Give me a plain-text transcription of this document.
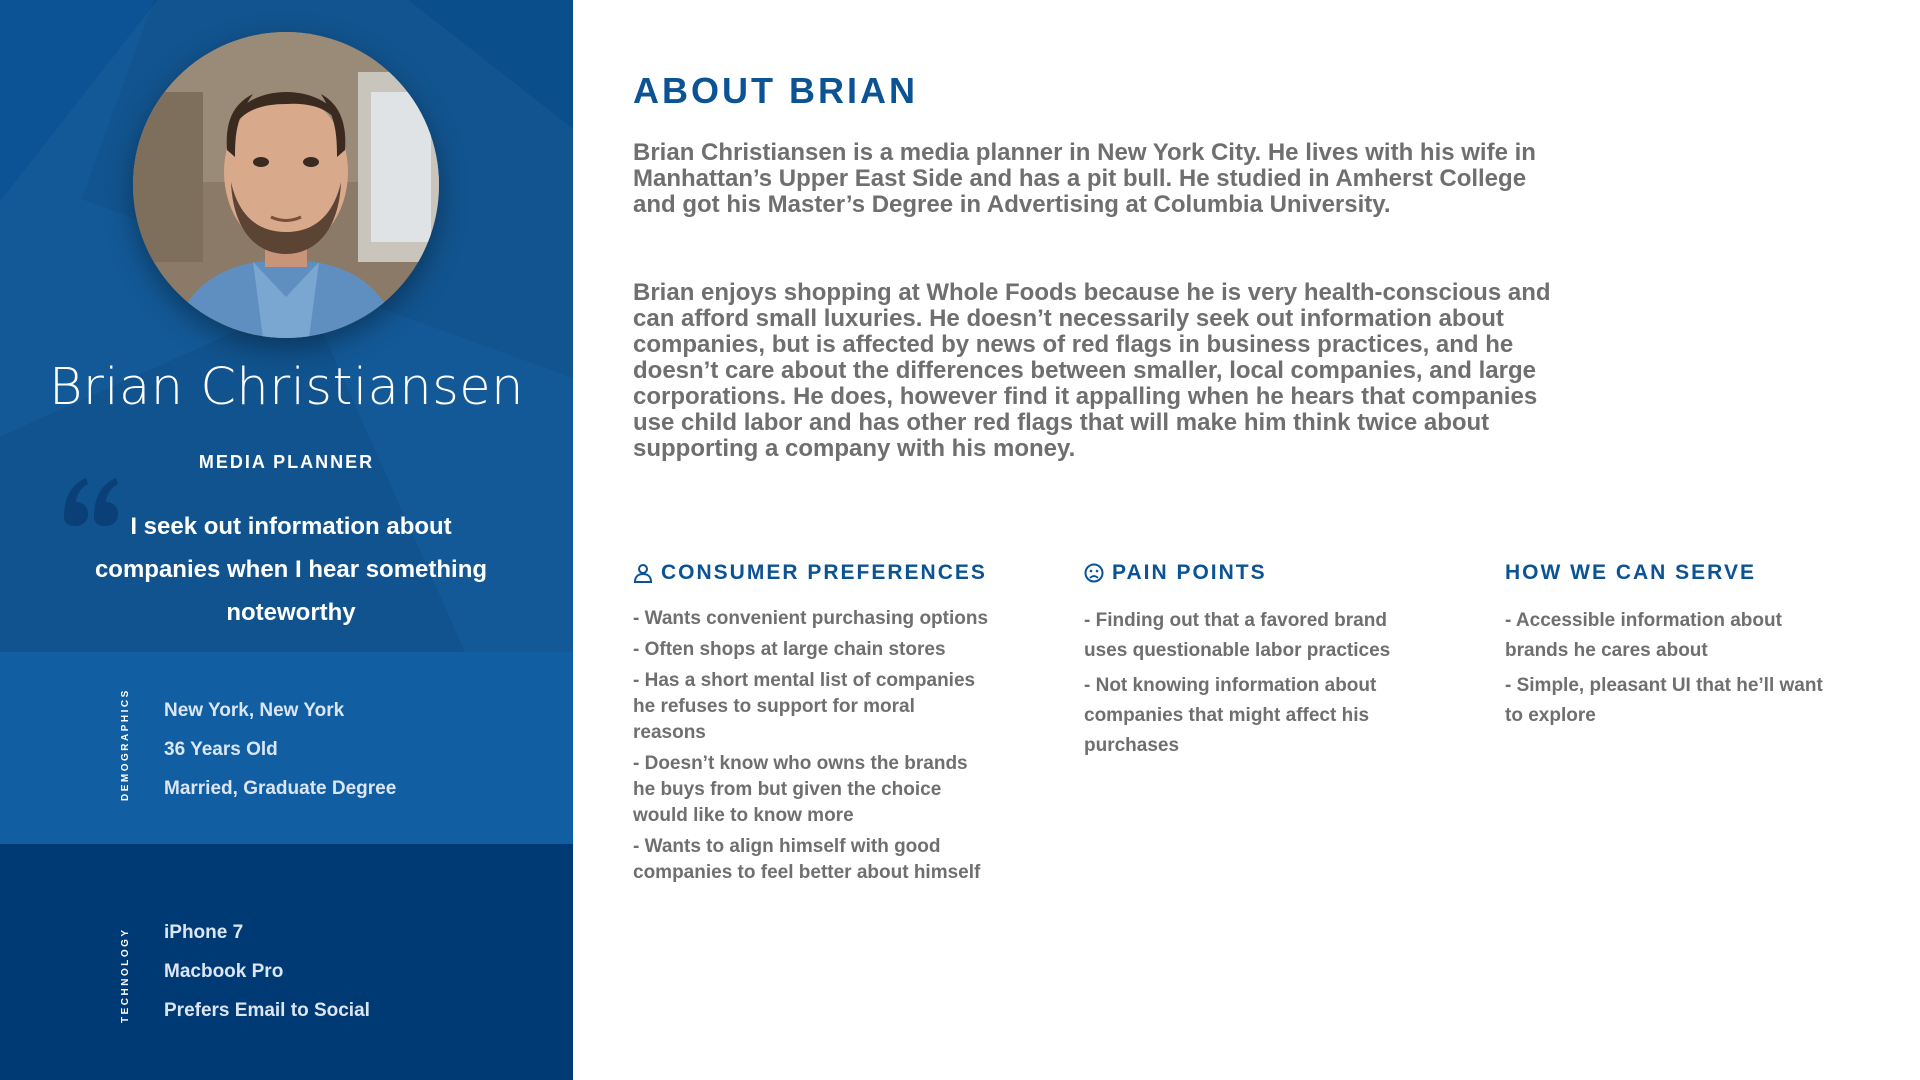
Brian Christiansen
MEDIA PLANNER
I seek out information about companies when I hear something noteworthy
DEMOGRAPHICS New York, New York
36 Years Old
Married, Graduate Degree
TECHNOLOGY iPhone 7
Macbook Pro
Prefers Email to Social
ABOUT BRIAN

Brian Christiansen is a media planner in New York City. He lives with his wife in Manhattan’s Upper East Side and has a pit bull. He studied in Amherst College and got his Master’s Degree in Advertising at Columbia University.

Brian enjoys shopping at Whole Foods because he is very health-conscious and can afford small luxuries. He doesn’t necessarily seek out information about companies, but is affected by news of red flags in business practices, and he doesn’t care about the differences between smaller, local companies, and large corporations. He does, however find it appalling when he hears that companies use child labor and has other red flags that will make him think twice about supporting a company with his money.

CONSUMER PREFERENCES
- Wants convenient purchasing options
- Often shops at large chain stores
- Has a short mental list of companies he refuses to support for moral reasons
- Doesn’t know who owns the brands he buys from but given the choice would like to know more
- Wants to align himself with good companies to feel better about himself
PAIN POINTS
- Finding out that a favored brand uses questionable labor practices
- Not knowing information about companies that might affect his purchases
HOW WE CAN SERVE
- Accessible information about brands he cares about
- Simple, pleasant UI that he’ll want to explore
